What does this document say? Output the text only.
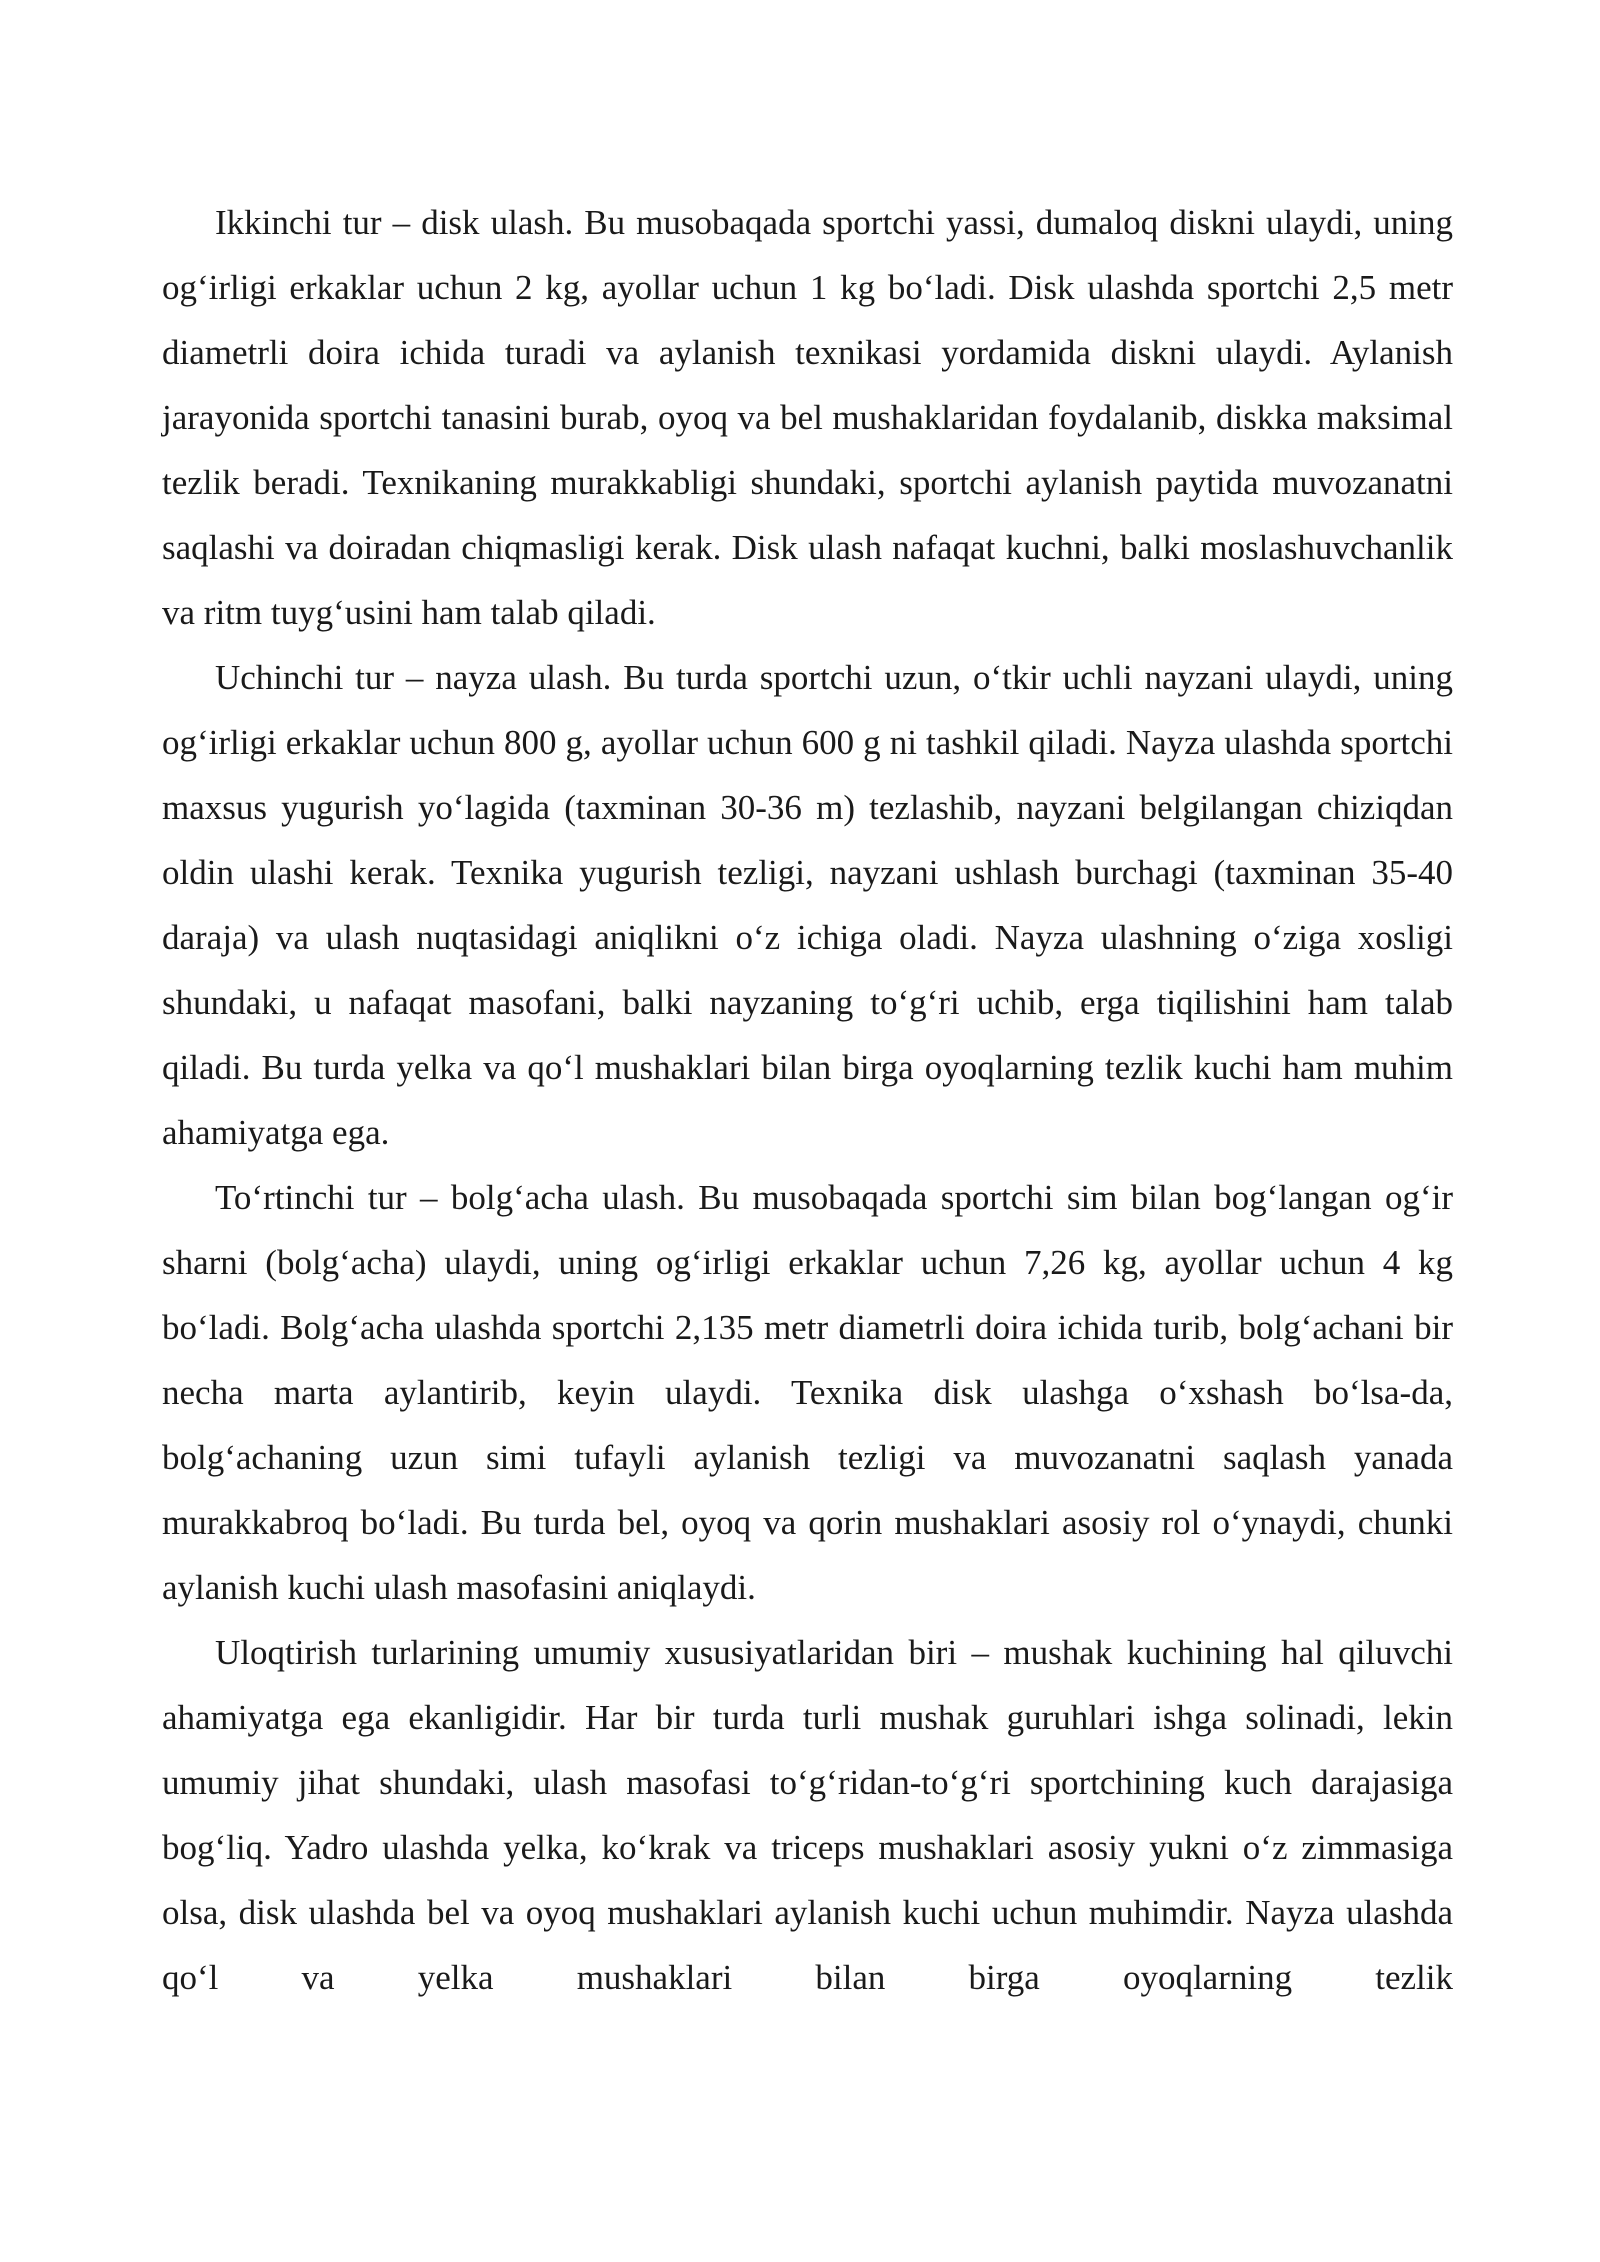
Ikkinchi tur – disk ulash. Bu musobaqada sportchi yassi, dumaloq diskni ulaydi, uning og‘irligi erkaklar uchun 2 kg, ayollar uchun 1 kg bo‘ladi. Disk ulashda sportchi 2,5 metr diametrli doira ichida turadi va aylanish texnikasi yordamida diskni ulaydi. Aylanish jarayonida sportchi tanasini burab, oyoq va bel mushaklaridan foydalanib, diskka maksimal tezlik beradi. Texnikaning murakkabligi shundaki, sportchi aylanish paytida muvozanatni saqlashi va doiradan chiqmasligi kerak. Disk ulash nafaqat kuchni, balki moslashuvchanlik va ritm tuyg‘usini ham talab qiladi.

Uchinchi tur – nayza ulash. Bu turda sportchi uzun, o‘tkir uchli nayzani ulaydi, uning og‘irligi erkaklar uchun 800 g, ayollar uchun 600 g ni tashkil qiladi. Nayza ulashda sportchi maxsus yugurish yo‘lagida (taxminan 30-36 m) tezlashib, nayzani belgilangan chiziqdan oldin ulashi kerak. Texnika yugurish tezligi, nayzani ushlash burchagi (taxminan 35-40 daraja) va ulash nuqtasidagi aniqlikni o‘z ichiga oladi. Nayza ulashning o‘ziga xosligi shundaki, u nafaqat masofani, balki nayzaning to‘g‘ri uchib, erga tiqilishini ham talab qiladi. Bu turda yelka va qo‘l mushaklari bilan birga oyoqlarning tezlik kuchi ham muhim ahamiyatga ega.

To‘rtinchi tur – bolg‘acha ulash. Bu musobaqada sportchi sim bilan bog‘langan og‘ir sharni (bolg‘acha) ulaydi, uning og‘irligi erkaklar uchun 7,26 kg, ayollar uchun 4 kg bo‘ladi. Bolg‘acha ulashda sportchi 2,135 metr diametrli doira ichida turib, bolg‘achani bir necha marta aylantirib, keyin ulaydi. Texnika disk ulashga o‘xshash bo‘lsa-da, bolg‘achaning uzun simi tufayli aylanish tezligi va muvozanatni saqlash yanada murakkabroq bo‘ladi. Bu turda bel, oyoq va qorin mushaklari asosiy rol o‘ynaydi, chunki aylanish kuchi ulash masofasini aniqlaydi.

Uloqtirish turlarining umumiy xususiyatlaridan biri – mushak kuchining hal qiluvchi ahamiyatga ega ekanligidir. Har bir turda turli mushak guruhlari ishga solinadi, lekin umumiy jihat shundaki, ulash masofasi to‘g‘ridan-to‘g‘ri sportchining kuch darajasiga bog‘liq. Yadro ulashda yelka, ko‘krak va triceps mushaklari asosiy yukni o‘z zimmasiga olsa, disk ulashda bel va oyoq mushaklari aylanish kuchi uchun muhimdir. Nayza ulashda qo‘l va yelka mushaklari bilan birga oyoqlarning tezlik
